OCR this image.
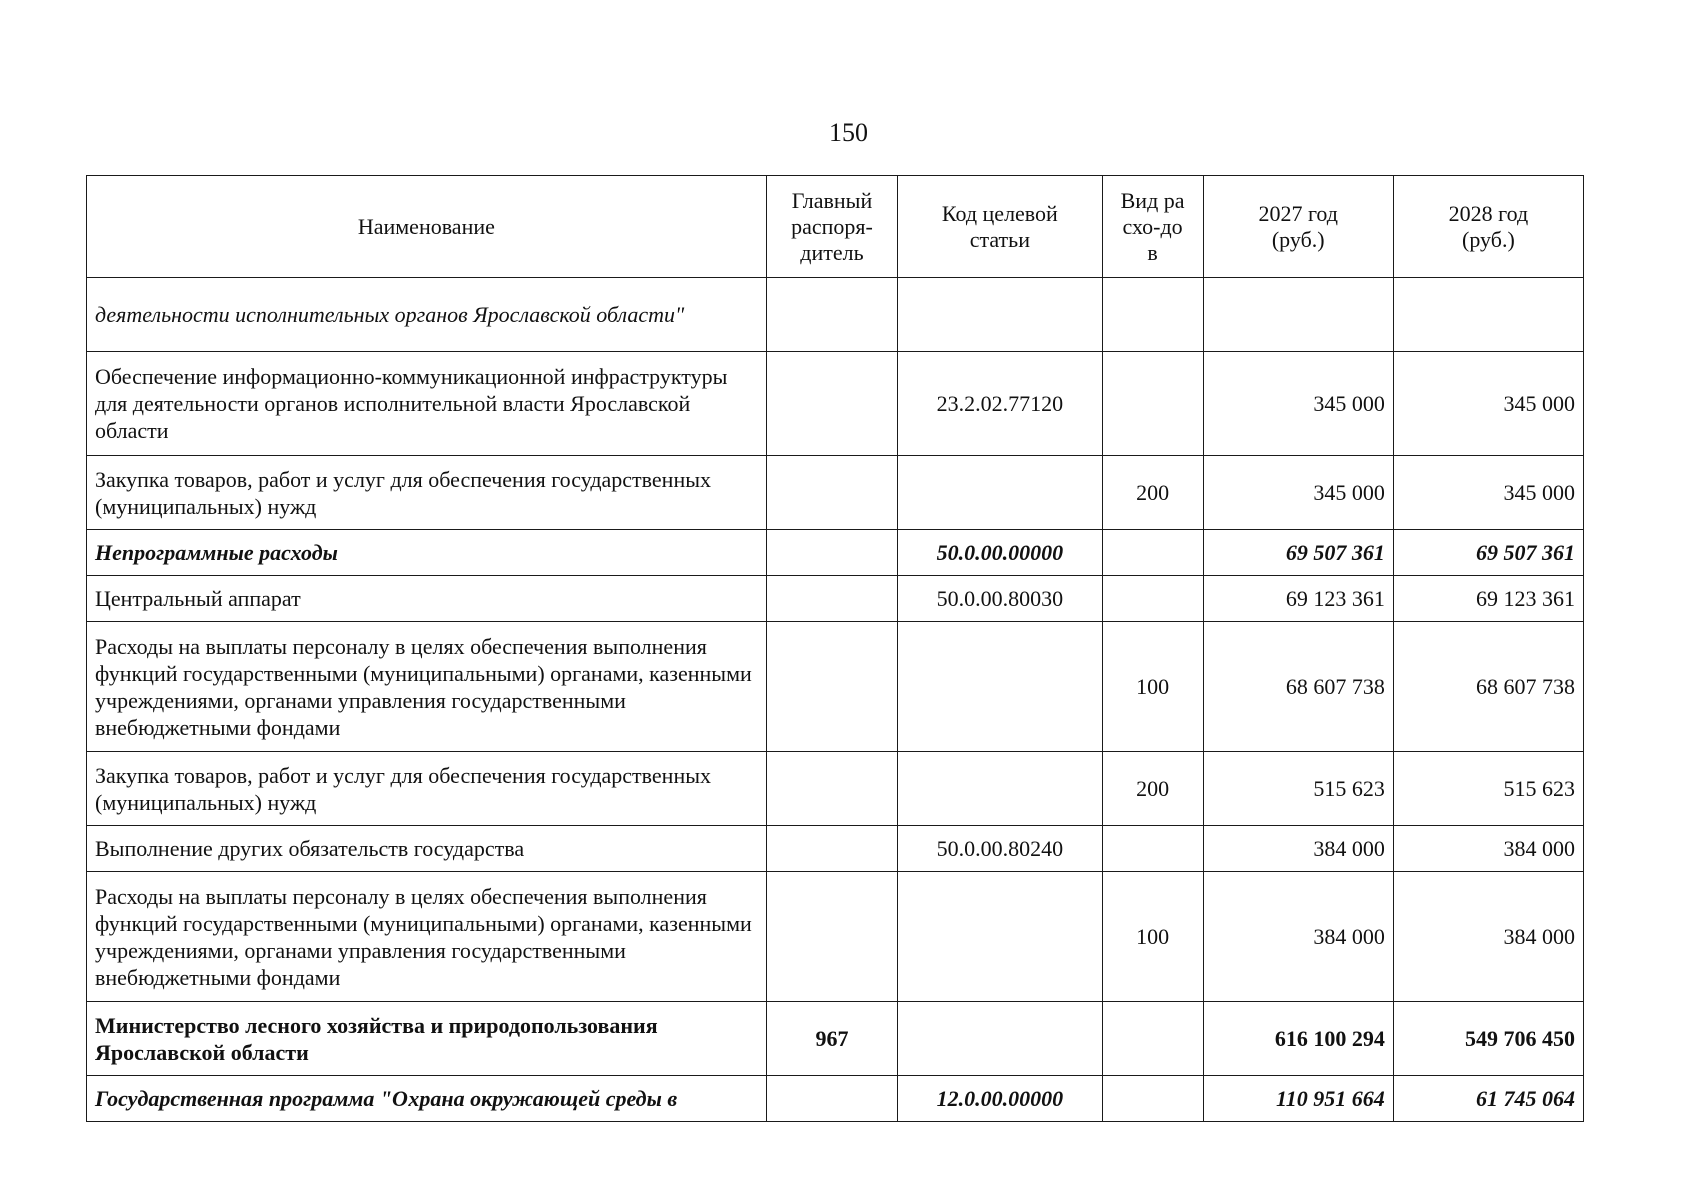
150
Наименование	Главный распоря-дитель	Код целевой статьи	Вид расхо-дов	2027 год (руб.)	2028 год (руб.)
деятельности исполнительных органов Ярославской области"					
Обеспечение информационно-коммуникационной инфраструктуры для деятельности органов исполнительной власти Ярославской области		23.2.02.77120		345 000	345 000
Закупка товаров, работ и услуг для обеспечения государственных (муниципальных) нужд			200	345 000	345 000
Непрограммные расходы		50.0.00.00000		69 507 361	69 507 361
Центральный аппарат		50.0.00.80030		69 123 361	69 123 361
Расходы на выплаты персоналу в целях обеспечения выполнения функций государственными (муниципальными) органами, казенными учреждениями, органами управления государственными внебюджетными фондами			100	68 607 738	68 607 738
Закупка товаров, работ и услуг для обеспечения государственных (муниципальных) нужд			200	515 623	515 623
Выполнение других обязательств государства		50.0.00.80240		384 000	384 000
Расходы на выплаты персоналу в целях обеспечения выполнения функций государственными (муниципальными) органами, казенными учреждениями, органами управления государственными внебюджетными фондами			100	384 000	384 000
Министерство лесного хозяйства и природопользования Ярославской области	967			616 100 294	549 706 450
Государственная программа "Охрана окружающей среды в		12.0.00.00000		110 951 664	61 745 064
